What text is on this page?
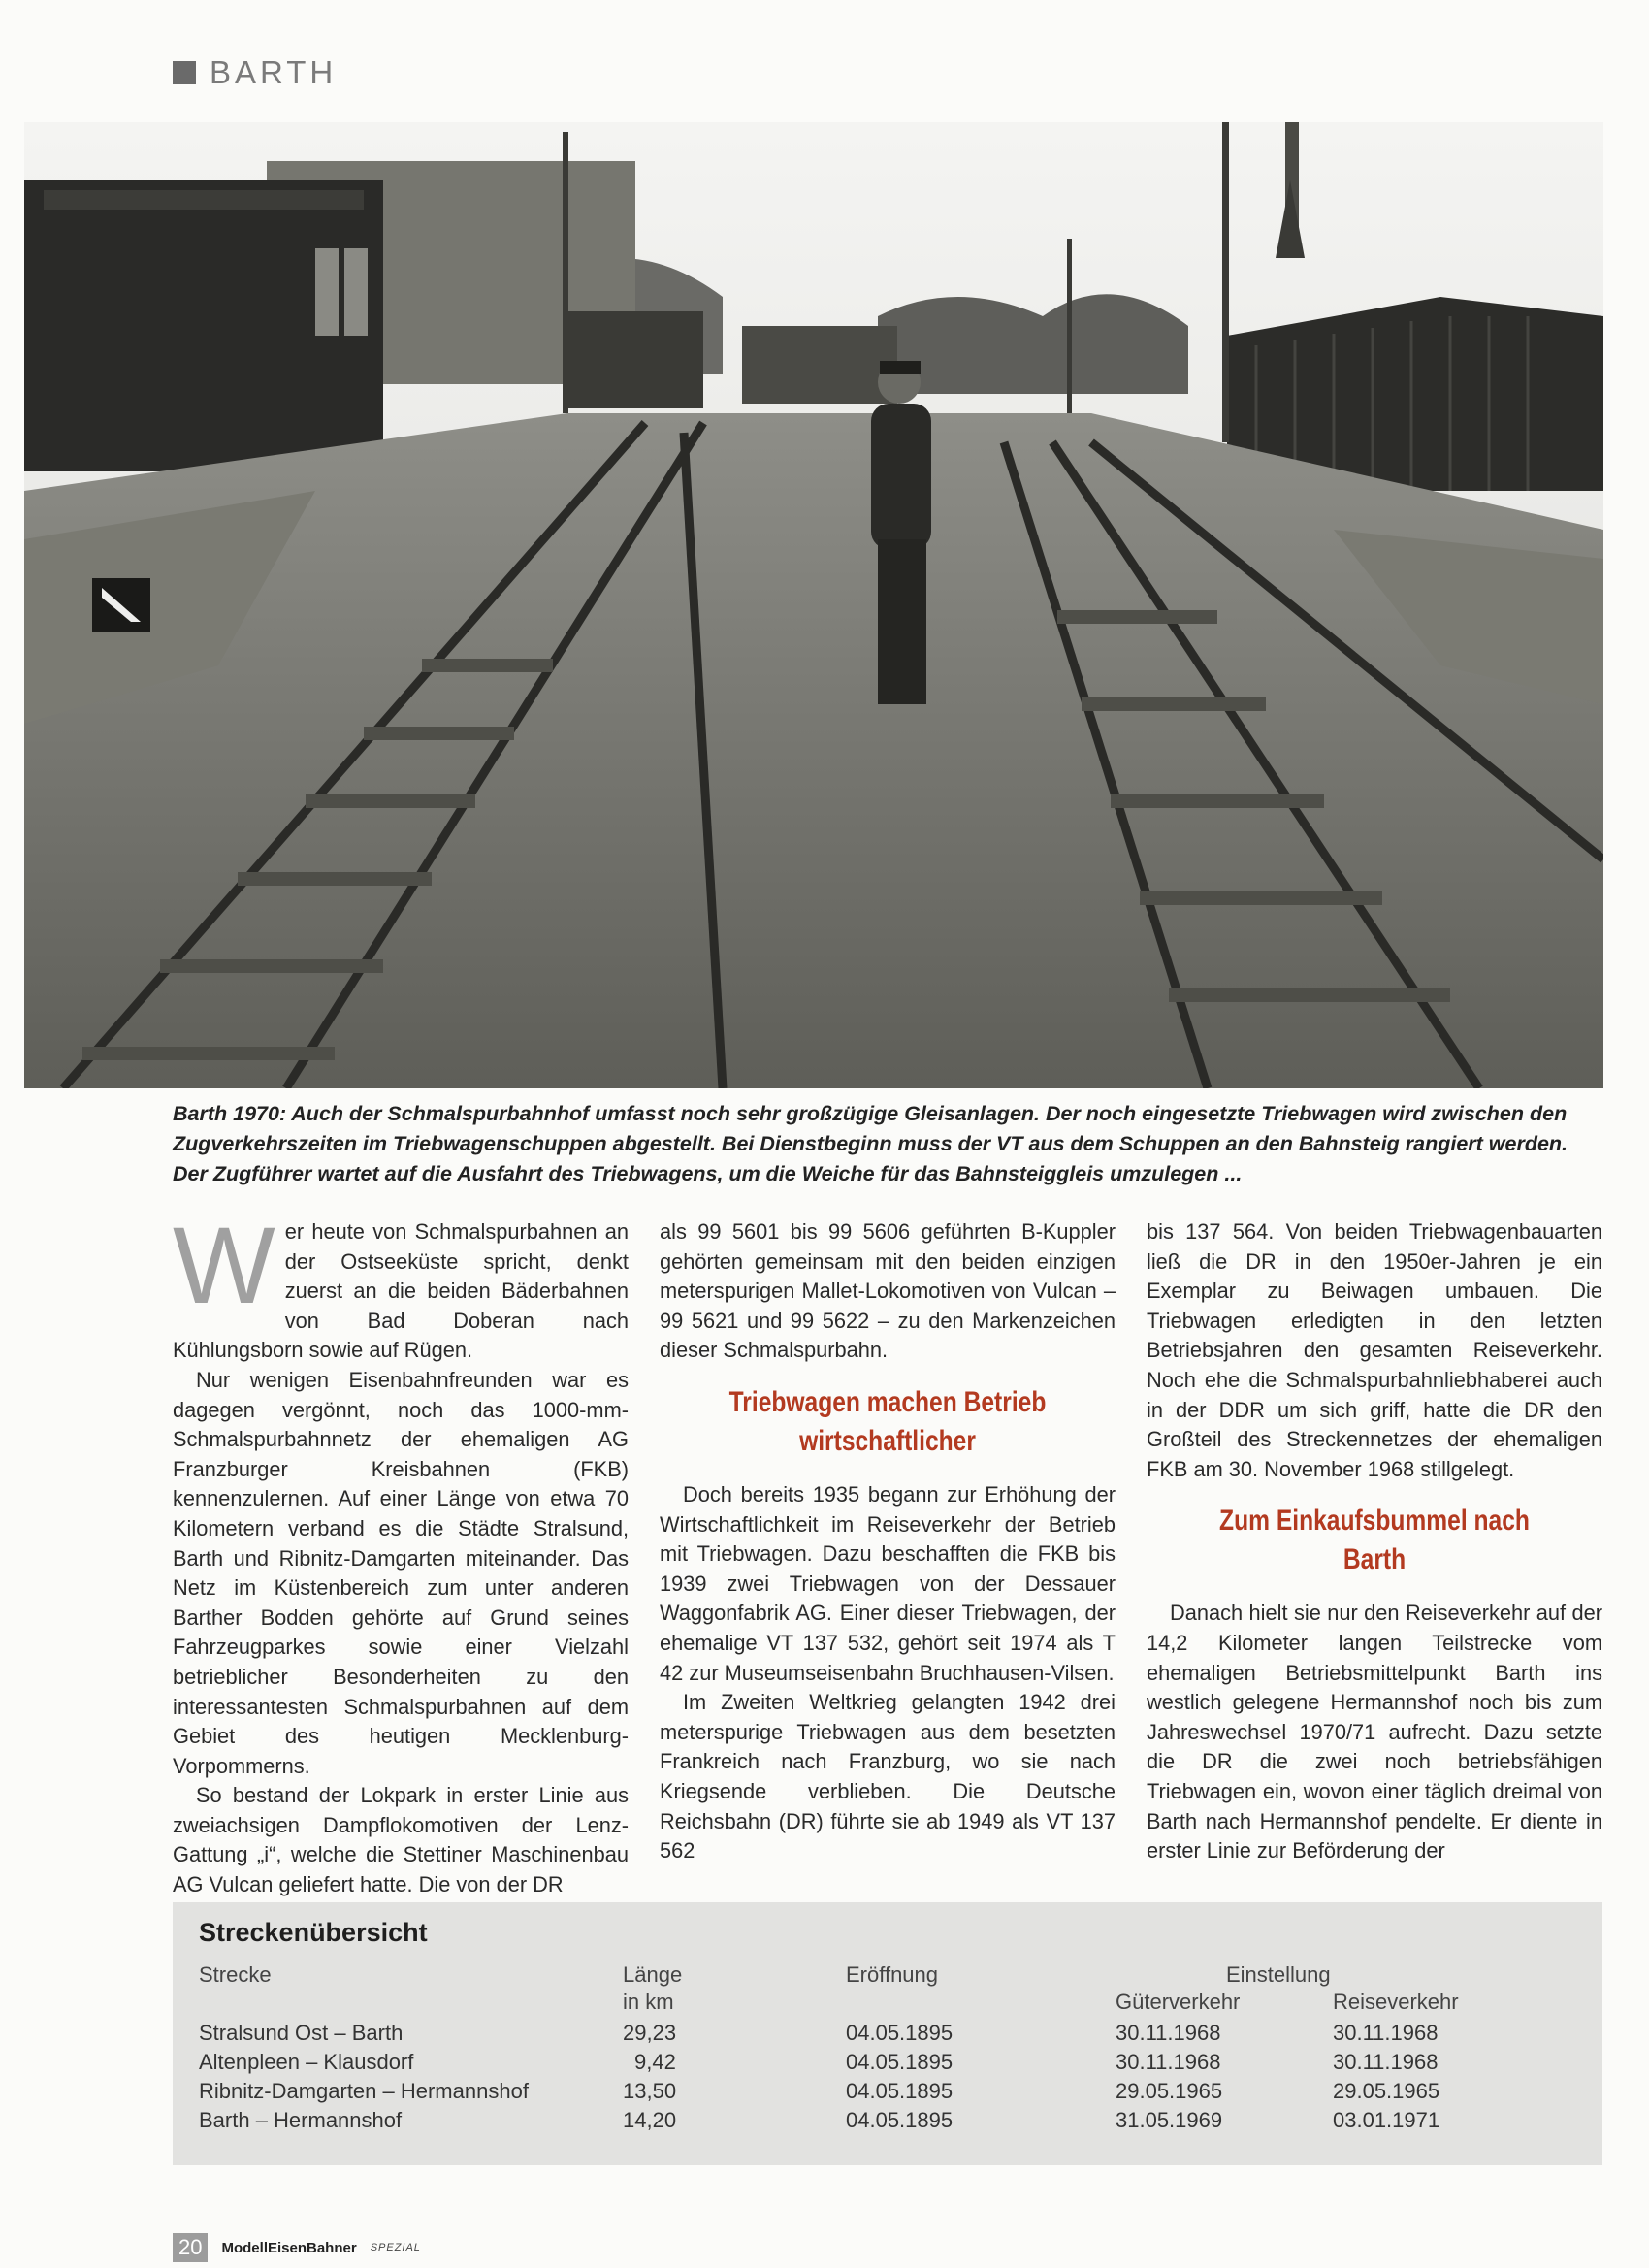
BARTH
Barth 1970: Auch der Schmalspurbahnhof umfasst noch sehr großzügige Gleisanlagen. Der noch eingesetzte Triebwagen wird zwischen den Zugverkehrszeiten im Triebwagenschuppen abgestellt. Bei Dienstbeginn muss der VT aus dem Schuppen an den Bahnsteig rangiert werden. Der Zugführer wartet auf die Ausfahrt des Triebwagens, um die Weiche für das Bahnsteiggleis umzulegen ...

Wer heute von Schmalspurbahnen an der Ostseeküste spricht, denkt zuerst an die beiden Bäderbahnen von Bad Doberan nach Kühlungsborn sowie auf Rügen.

Nur wenigen Eisenbahnfreunden war es dagegen vergönnt, noch das 1000-mm-Schmalspurbahnnetz der ehemaligen AG Franzburger Kreisbahnen (FKB) kennenzulernen. Auf einer Länge von etwa 70 Kilometern verband es die Städte Stralsund, Barth und Ribnitz-Damgarten miteinander. Das Netz im Küstenbereich zum unter anderen Barther Bodden gehörte auf Grund seines Fahrzeugparkes sowie einer Vielzahl betrieblicher Besonderheiten zu den interessantesten Schmalspurbahnen auf dem Gebiet des heutigen Mecklenburg-Vorpommerns.

So bestand der Lokpark in erster Linie aus zweiachsigen Dampflokomotiven der Lenz-Gattung „i“, welche die Stettiner Maschinenbau AG Vulcan geliefert hatte. Die von der DR

als 99 5601 bis 99 5606 geführten B-Kuppler gehörten gemeinsam mit den beiden einzigen meterspurigen Mallet-Lokomotiven von Vulcan – 99 5621 und 99 5622 – zu den Markenzeichen dieser Schmalspurbahn.

Triebwagen machen Betrieb wirtschaftlicher

Doch bereits 1935 begann zur Erhöhung der Wirtschaftlichkeit im Reiseverkehr der Betrieb mit Triebwagen. Dazu beschafften die FKB bis 1939 zwei Triebwagen von der Dessauer Waggonfabrik AG. Einer dieser Triebwagen, der ehemalige VT 137 532, gehört seit 1974 als T 42 zur Museumseisenbahn Bruchhausen-Vilsen.

Im Zweiten Weltkrieg gelangten 1942 drei meterspurige Triebwagen aus dem besetzten Frankreich nach Franzburg, wo sie nach Kriegsende verblieben. Die Deutsche Reichsbahn (DR) führte sie ab 1949 als VT 137 562

bis 137 564. Von beiden Triebwagenbauarten ließ die DR in den 1950er-Jahren je ein Exemplar zu Beiwagen umbauen. Die Triebwagen erledigten in den letzten Betriebsjahren den gesamten Reiseverkehr. Noch ehe die Schmalspurbahnliebhaberei auch in der DDR um sich griff, hatte die DR den Großteil des Streckennetzes der ehemaligen FKB am 30. November 1968 stillgelegt.

Zum Einkaufsbummel nach Barth

Danach hielt sie nur den Reiseverkehr auf der 14,2 Kilometer langen Teilstrecke vom ehemaligen Betriebsmittelpunkt Barth ins westlich gelegene Hermannshof noch bis zum Jahreswechsel 1970/71 aufrecht. Dazu setzte die DR die zwei noch betriebsfähigen Triebwagen ein, wovon einer täglich dreimal von Barth nach Hermannshof pendelte. Er diente in erster Linie zur Beförderung der

Streckenübersicht
Strecke	Länge
in km
Eröffnung	Einstellung
Güterverkehr	Reiseverkehr
Stralsund Ost – Barth	29,23	04.05.1895	30.11.1968	30.11.1968
Altenpleen – Klausdorf	9,42	04.05.1895	30.11.1968	30.11.1968
Ribnitz-Damgarten – Hermannshof	13,50	04.05.1895	29.05.1965	29.05.1965
Barth – Hermannshof	14,20	04.05.1895	31.05.1969	03.01.1971
20	ModellEisenBahner SPEZIAL
